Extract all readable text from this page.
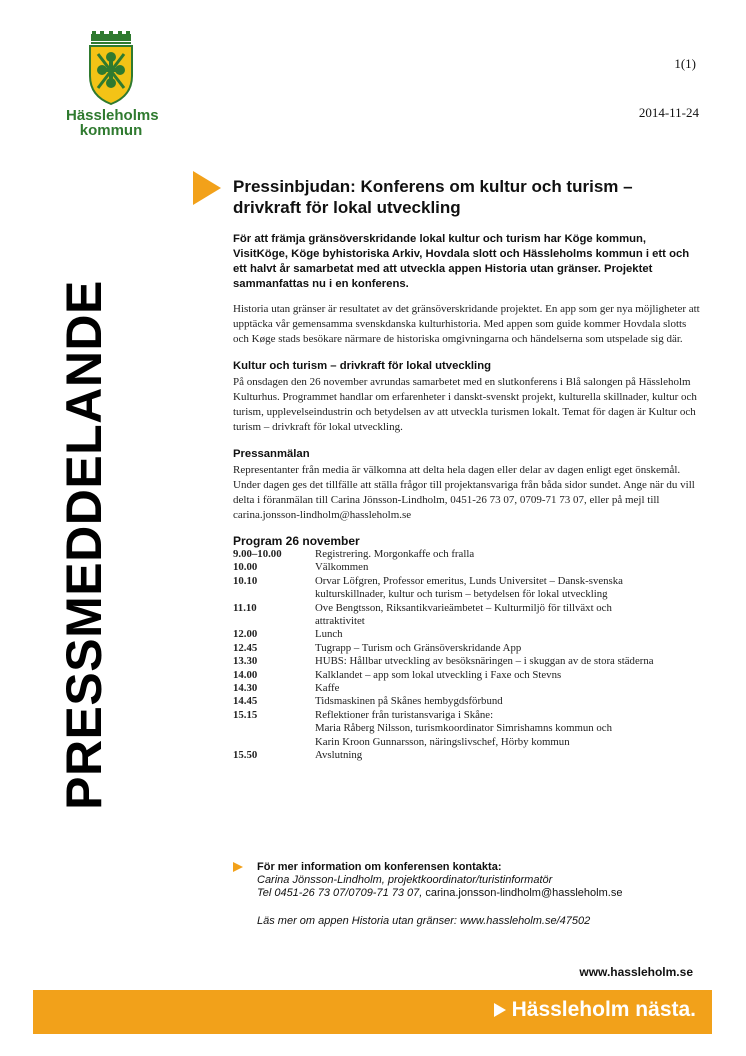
Hässleholms
kommun
1(1)
2014-11-24
PRESSMEDDELANDE
Pressinbjudan: Konferens om kultur och turism – drivkraft för lokal utveckling

För att främja gränsöverskridande lokal kultur och turism har Köge kommun, VisitKöge, Köge byhistoriska Arkiv, Hovdala slott och Hässleholms kommun i ett och ett halvt år samarbetat med att utveckla appen Historia utan gränser. Projektet sammanfattas nu i en konferens.

Historia utan gränser är resultatet av det gränsöverskridande projektet. En app som ger nya möjligheter att upptäcka vår gemensamma svenskdanska kulturhistoria. Med appen som guide kommer Hovdala slotts och Køge stads besökare närmare de historiska omgivningarna och händelserna som utspelade sig där.

Kultur och turism – drivkraft för lokal utveckling

På onsdagen den 26 november avrundas samarbetet med en slutkonferens i Blå salongen på Hässleholm Kulturhus. Programmet handlar om erfarenheter i danskt-svenskt projekt, kulturella skillnader, kultur och turism, upplevelseindustrin och betydelsen av att utveckla turismen lokalt. Temat för dagen är Kultur och turism – drivkraft för lokal utveckling.

Pressanmälan

Representanter från media är välkomna att delta hela dagen eller delar av dagen enligt eget önskemål. Under dagen ges det tillfälle att ställa frågor till projektansvariga från båda sidor sundet. Ange när du vill delta i föranmälan till Carina Jönsson-Lindholm, 0451-26 73 07, 0709-71 73 07, eller på mejl till carina.jonsson-lindholm@hassleholm.se

Program 26 november
9.00–10.00	Registrering. Morgonkaffe och fralla
10.00	Välkommen
10.10	Orvar Löfgren, Professor emeritus, Lunds Universitet – Dansk-svenska
kulturskillnader, kultur och turism – betydelsen för lokal utveckling
11.10	Ove Bengtsson, Riksantikvarieämbetet – Kulturmiljö för tillväxt och
attraktivitet
12.00	Lunch
12.45	Tugrapp – Turism och Gränsöverskridande App
13.30	HUBS: Hållbar utveckling av besöksnäringen – i skuggan av de stora städerna
14.00	Kalklandet – app som lokal utveckling i Faxe och Stevns
14.30	Kaffe
14.45	Tidsmaskinen på Skånes hembygdsförbund
15.15	Reflektioner från turistansvariga i Skåne:
Maria Råberg Nilsson, turismkoordinator Simrishamns kommun och
Karin Kroon Gunnarsson, näringslivschef, Hörby kommun
15.50	Avslutning
För mer information om konferensen kontakta:
Carina Jönsson-Lindholm, projektkoordinator/turistinformatör
Tel 0451-26 73 07/0709-71 73 07, carina.jonsson-lindholm@hassleholm.se
Läs mer om appen Historia utan gränser: www.hassleholm.se/47502
www.hassleholm.se
Hässleholm nästa.
